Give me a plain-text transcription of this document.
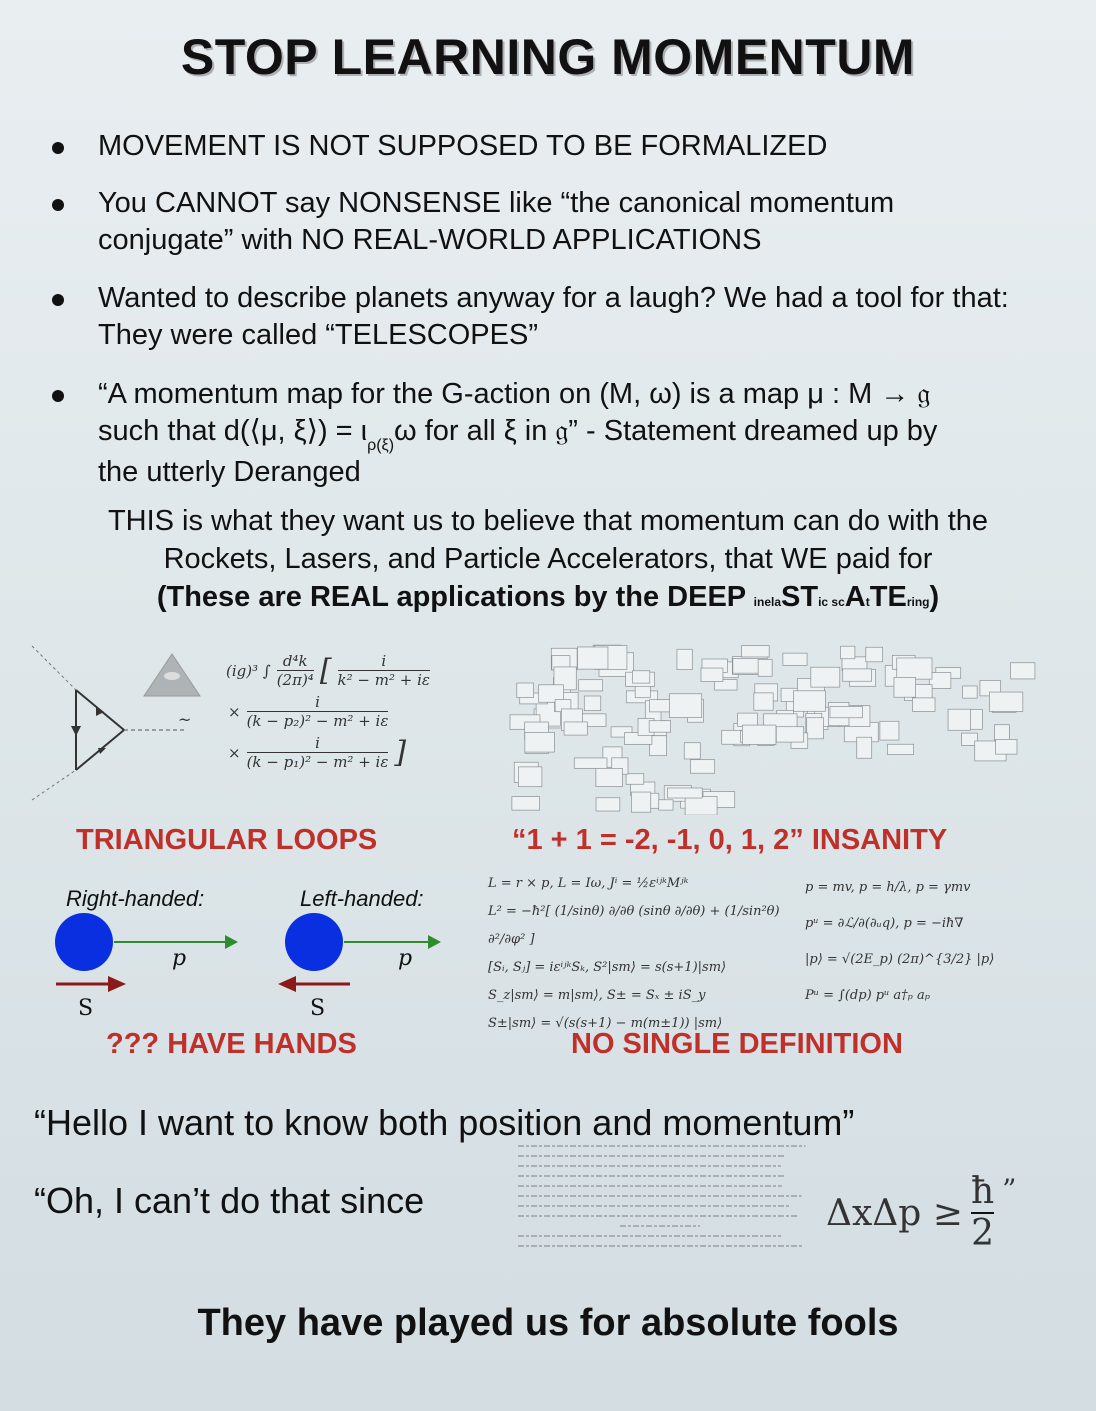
STOP LEARNING MOMENTUM
MOVEMENT IS NOT SUPPOSED TO BE FORMALIZED
You CANNOT say NONSENSE like “the canonical momentum conjugate” with NO REAL-WORLD APPLICATIONS
Wanted to describe planets anyway for a laugh? We had a tool for that: They were called “TELESCOPES”
“A momentum map for the G-action on (M, ω) is a map μ : M → 𝔤
such that d(⟨μ, ξ⟩) = $\iota_{\rho(\xi)}\omega$ for all ξ in 𝔤” - Statement dreamed up by
the utterly Deranged
THIS is what they want us to believe that momentum can do with the
Rockets, Lasers, and Particle Accelerators, that WE paid for
(These are REAL applications by the DEEP inelaSTic scAtTEring)
~
(ig)³ ∫ $\frac{\text{d⁴k}}{\text{(2π)⁴}}$ [ $\frac{i}{\text{k² − m² + iε}}$
× $\frac{i}{\text{(k − p₂)² − m² + iε}}$
× $\frac{i}{\text{(k − p₁)² − m² + iε}}$ ]
TRIANGULAR LOOPS	“1 + 1 = -2, -1, 0, 1, 2” INSANITY
Right-handed:	Left-handed:
p	p
S	S
L = r × p, L = Iω, Jⁱ = ½εⁱʲᵏMʲᵏ
L² = −ħ²[ (1/sinθ) ∂/∂θ (sinθ ∂/∂θ) + (1/sin²θ) ∂²/∂φ² ]
[Sᵢ, Sⱼ] = iεⁱʲᵏSₖ, S²|sm⟩ = s(s+1)|sm⟩
S_z|sm⟩ = m|sm⟩, S± = Sₓ ± iS_y
S±|sm⟩ = √(s(s+1) − m(m±1)) |sm⟩
p = mv, p = h/λ, p = γmv
pᵘ = ∂ℒ/∂(∂ᵤq), p = −iħ∇
|p⟩ = √(2E_p) (2π)^{3/2} |p⟩
Pᵘ = ∫(dp) pᵘ a†ₚ aₚ
??? HAVE HANDS	NO SINGLE DEFINITION
“Hello I want to know both position and momentum”
“Oh, I can’t do that since	$\Delta x\Delta p \ge \frac{ħ}{2}$ ”
They have played us for absolute fools
